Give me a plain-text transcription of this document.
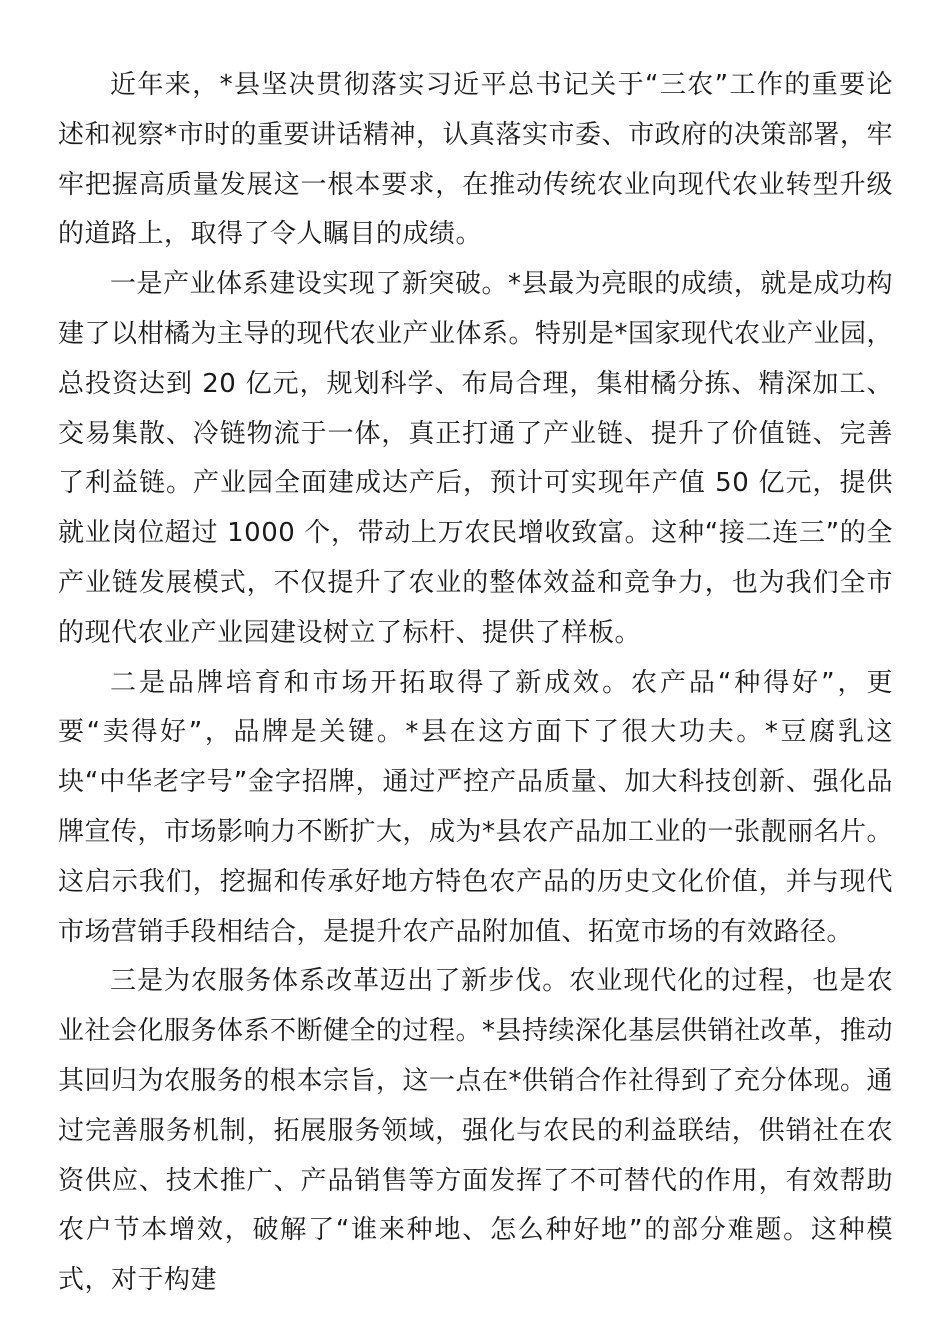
近年来，*县坚决贯彻落实习近平总书记关于“三农”工作的重要论述和视察*市时的重要讲话精神，认真落实市委、市政府的决策部署，牢牢把握高质量发展这一根本要求，在推动传统农业向现代农业转型升级的道路上，取得了令人瞩目的成绩。

一是产业体系建设实现了新突破。*县最为亮眼的成绩，就是成功构建了以柑橘为主导的现代农业产业体系。特别是*国家现代农业产业园，总投资达到 20 亿元，规划科学、布局合理，集柑橘分拣、精深加工、交易集散、冷链物流于一体，真正打通了产业链、提升了价值链、完善了利益链。产业园全面建成达产后，预计可实现年产值 50 亿元，提供就业岗位超过 1000 个，带动上万农民增收致富。这种“接二连三”的全产业链发展模式，不仅提升了农业的整体效益和竞争力，也为我们全市的现代农业产业园建设树立了标杆、提供了样板。

二是品牌培育和市场开拓取得了新成效。农产品“种得好”，更要“卖得好”，品牌是关键。*县在这方面下了很大功夫。*豆腐乳这块“中华老字号”金字招牌，通过严控产品质量、加大科技创新、强化品牌宣传，市场影响力不断扩大，成为*县农产品加工业的一张靓丽名片。这启示我们，挖掘和传承好地方特色农产品的历史文化价值，并与现代市场营销手段相结合，是提升农产品附加值、拓宽市场的有效路径。

三是为农服务体系改革迈出了新步伐。农业现代化的过程，也是农业社会化服务体系不断健全的过程。*县持续深化基层供销社改革，推动其回归为农服务的根本宗旨，这一点在*供销合作社得到了充分体现。通过完善服务机制，拓展服务领域，强化与农民的利益联结，供销社在农资供应、技术推广、产品销售等方面发挥了不可替代的作用，有效帮助农户节本增效，破解了“谁来种地、怎么种好地”的部分难题。这种模式，对于构建
